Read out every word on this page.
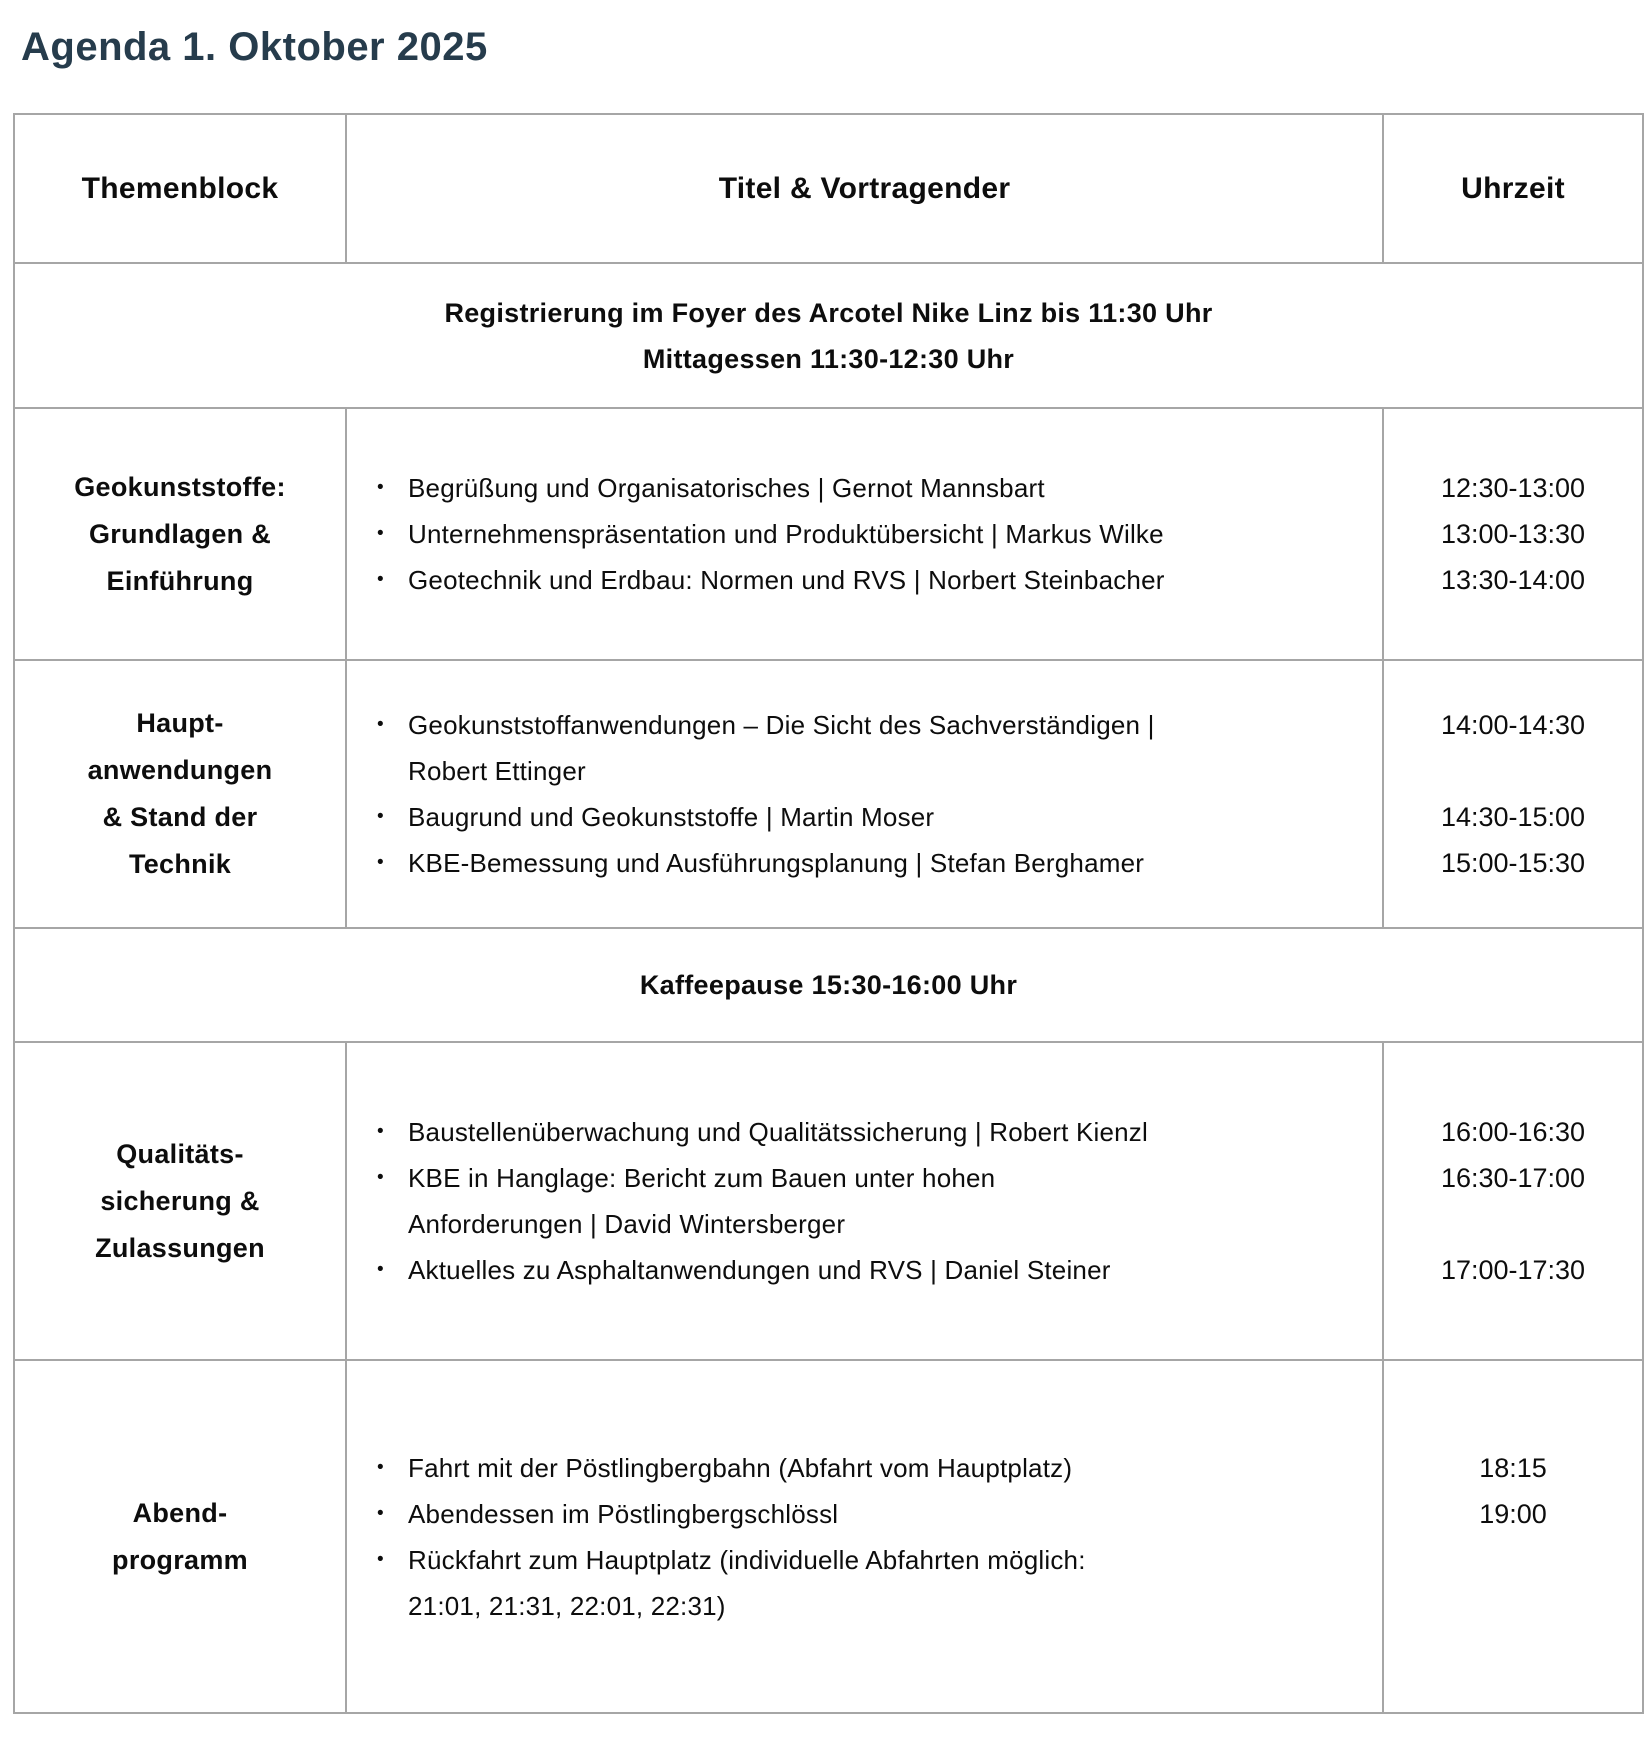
Agenda 1. Oktober 2025
Themenblock	Titel & Vortragender	Uhrzeit
Registrierung im Foyer des Arcotel Nike Linz bis 11:30 Uhr
Mittagessen 11:30-12:30 Uhr
Geokunststoffe:
Grundlagen &
Einführung
• Begrüßung und Organisatorisches | Gernot Mannsbart
• Unternehmenspräsentation und Produktübersicht | Markus Wilke
• Geotechnik und Erdbau: Normen und RVS | Norbert Steinbacher
12:30-13:00
13:00-13:30
13:30-14:00
Haupt-
anwendungen
& Stand der
Technik
• Geokunststoffanwendungen – Die Sicht des Sachverständigen |
Robert Ettinger
• Baugrund und Geokunststoffe | Martin Moser
• KBE-Bemessung und Ausführungsplanung | Stefan Berghamer
14:00-14:30
14:30-15:00
15:00-15:30
Kaffeepause 15:30-16:00 Uhr
Qualitäts-
sicherung &
Zulassungen
• Baustellenüberwachung und Qualitätssicherung | Robert Kienzl
• KBE in Hanglage: Bericht zum Bauen unter hohen
Anforderungen | David Wintersberger
• Aktuelles zu Asphaltanwendungen und RVS | Daniel Steiner
16:00-16:30
16:30-17:00
17:00-17:30
Abend-
programm
• Fahrt mit der Pöstlingbergbahn (Abfahrt vom Hauptplatz)
• Abendessen im Pöstlingbergschlössl
• Rückfahrt zum Hauptplatz (individuelle Abfahrten möglich:
21:01, 21:31, 22:01, 22:31)
18:15
19:00
